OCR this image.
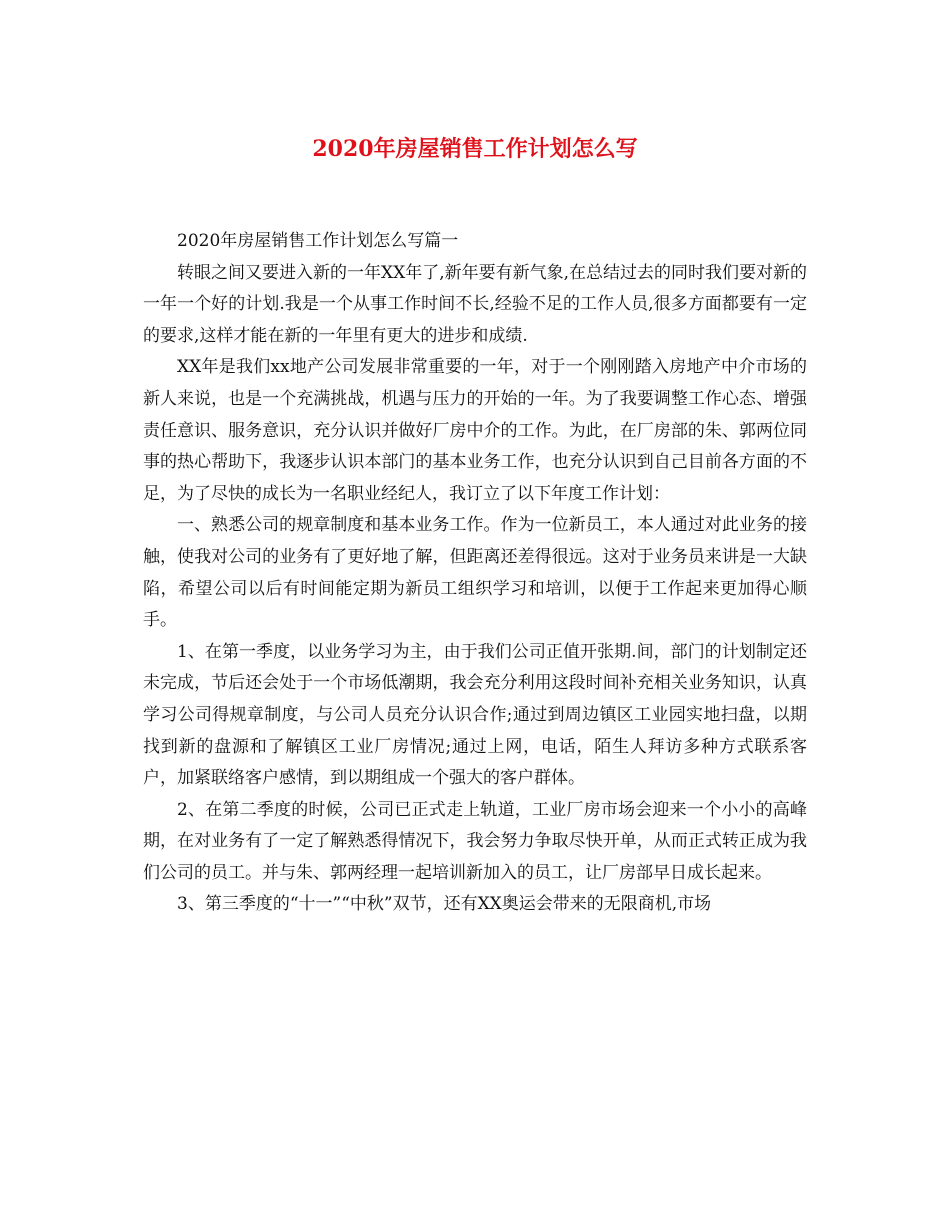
2020年房屋销售工作计划怎么写

2020年房屋销售工作计划怎么写篇一

转眼之间又要进入新的一年XX年了,新年要有新气象,在总结过去的同时我们要对新的一年一个好的计划.我是一个从事工作时间不长,经验不足的工作人员,很多方面都要有一定的要求,这样才能在新的一年里有更大的进步和成绩.

XX年是我们xx地产公司发展非常重要的一年，对于一个刚刚踏入房地产中介市场的新人来说，也是一个充满挑战，机遇与压力的开始的一年。为了我要调整工作心态、增强责任意识、服务意识，充分认识并做好厂房中介的工作。为此，在厂房部的朱、郭两位同事的热心帮助下，我逐步认识本部门的基本业务工作，也充分认识到自己目前各方面的不足，为了尽快的成长为一名职业经纪人，我订立了以下年度工作计划：

一、熟悉公司的规章制度和基本业务工作。作为一位新员工，本人通过对此业务的接触，使我对公司的业务有了更好地了解，但距离还差得很远。这对于业务员来讲是一大缺陷，希望公司以后有时间能定期为新员工组织学习和培训，以便于工作起来更加得心顺手。

1、在第一季度，以业务学习为主，由于我们公司正值开张期.间，部门的计划制定还未完成，节后还会处于一个市场低潮期，我会充分利用这段时间补充相关业务知识，认真学习公司得规章制度，与公司人员充分认识合作;通过到周边镇区工业园实地扫盘，以期找到新的盘源和了解镇区工业厂房情况;通过上网，电话，陌生人拜访多种方式联系客户，加紧联络客户感情，到以期组成一个强大的客户群体。

2、在第二季度的时候，公司已正式走上轨道，工业厂房市场会迎来一个小小的高峰期，在对业务有了一定了解熟悉得情况下，我会努力争取尽快开单，从而正式转正成为我们公司的员工。并与朱、郭两经理一起培训新加入的员工，让厂房部早日成长起来。

3、第三季度的“十一”“中秋”双节，还有XX奥运会带来的无限商机,市场
